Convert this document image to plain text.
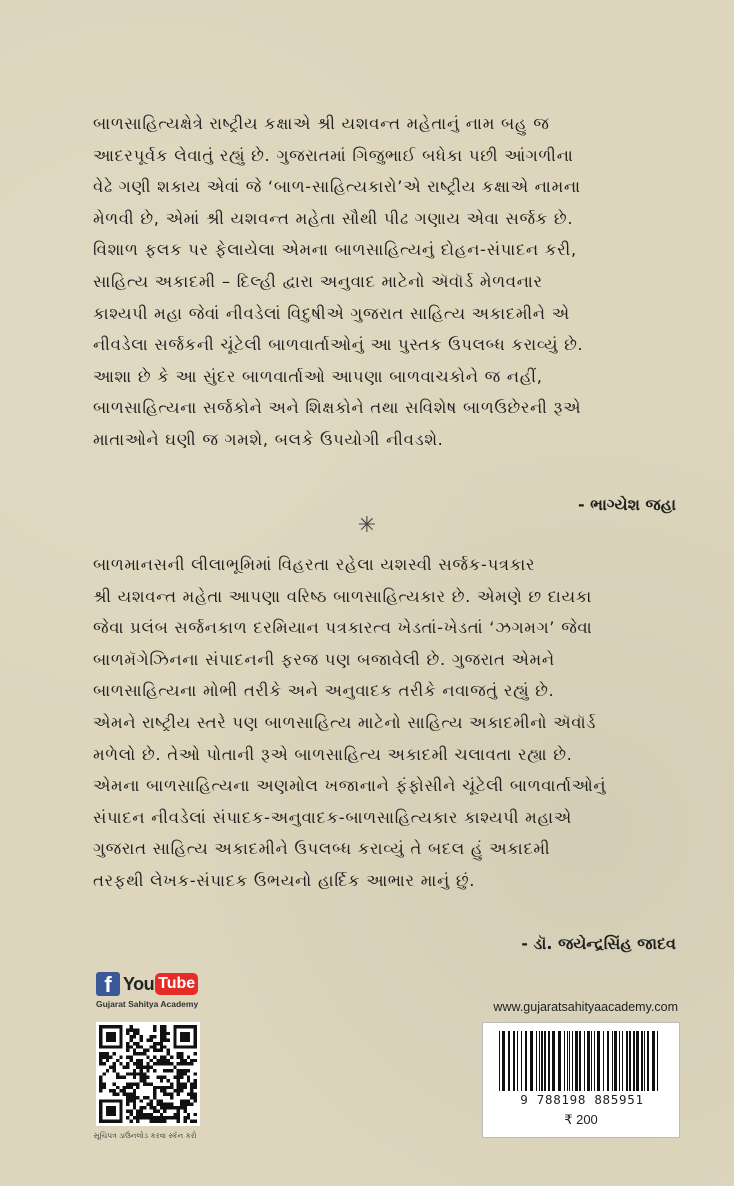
બાળસાહિત્યક્ષેત્રે રાષ્ટ્રીય કક્ષાએ શ્રી યશવન્ત મહેતાનું નામ બહુ જ
આદરપૂર્વક લેવાતું રહ્યું છે. ગુજરાતમાં ગિજુભાઈ બધેકા પછી આંગળીના
વેઢે ગણી શકાય એવાં જે ‘બાળ-સાહિત્યકારો’એ રાષ્ટ્રીય કક્ષાએ નામના
મેળવી છે, એમાં શ્રી યશવન્ત મહેતા સૌથી પીઢ ગણાય એવા સર્જક છે.
વિશાળ ફલક પર ફેલાયેલા એમના બાળસાહિત્યનું દોહન-સંપાદન કરી,
સાહિત્ય અકાદમી – દિલ્હી દ્વારા અનુવાદ માટેનો ઍવૉર્ડ મેળવનાર
કાશ્યપી મહા જેવાં નીવડેલાં વિદુષીએ ગુજરાત સાહિત્ય અકાદમીને એ
નીવડેલા સર્જકની ચૂંટેલી બાળવાર્તાઓનું આ પુસ્તક ઉપલબ્ધ કરાવ્યું છે.
આશા છે કે આ સુંદર બાળવાર્તાઓ આપણા બાળવાચકોને જ નહીં,
બાળસાહિત્યના સર્જકોને અને શિક્ષકોને તથા સવિશેષ બાળઉછેરની રૂએ
માતાઓને ઘણી જ ગમશે, બલકે ઉપયોગી નીવડશે.

- ભાગ્યેશ જહા

✳
બાળમાનસની લીલાભૂમિમાં વિહરતા રહેલા યશસ્વી સર્જક-પત્રકાર
શ્રી યશવન્ત મહેતા આપણા વરિષ્ઠ બાળસાહિત્યકાર છે. એમણે છ દાયકા
જેવા પ્રલંબ સર્જનકાળ દરમિયાન પત્રકારત્વ ખેડતાં-ખેડતાં ‘ઝગમગ’ જેવા
બાળમૅગેઝિનના સંપાદનની ફરજ પણ બજાવેલી છે. ગુજરાત એમને
બાળસાહિત્યના મોભી તરીકે અને અનુવાદક તરીકે નવાજતું રહ્યું છે.
એમને રાષ્ટ્રીય સ્તરે પણ બાળસાહિત્ય માટેનો સાહિત્ય અકાદમીનો ઍવૉર્ડ
મળેલો છે. તેઓ પોતાની રૂએ બાળસાહિત્ય અકાદમી ચલાવતા રહ્યા છે.
એમના બાળસાહિત્યના અણમોલ ખજાનાને ફંફોસીને ચૂંટેલી બાળવાર્તાઓનું
સંપાદન નીવડેલાં સંપાદક-અનુવાદક-બાળસાહિત્યકાર કાશ્યપી મહાએ
ગુજરાત સાહિત્ય અકાદમીને ઉપલબ્ધ કરાવ્યું તે બદલ હું અકાદમી
તરફથી લેખક-સંપાદક ઉભયનો હાર્દિક આભાર માનું છું.

- ડૉ. જયેન્દ્રસિંહ જાદવ

f You Tube
Gujarat Sahitya Academy
સૂચિપત્ર ડાઉનલોડ કરવા સ્કૅન કરો
www.gujaratsahityaacademy.com
9 788198 885951
₹ 200
